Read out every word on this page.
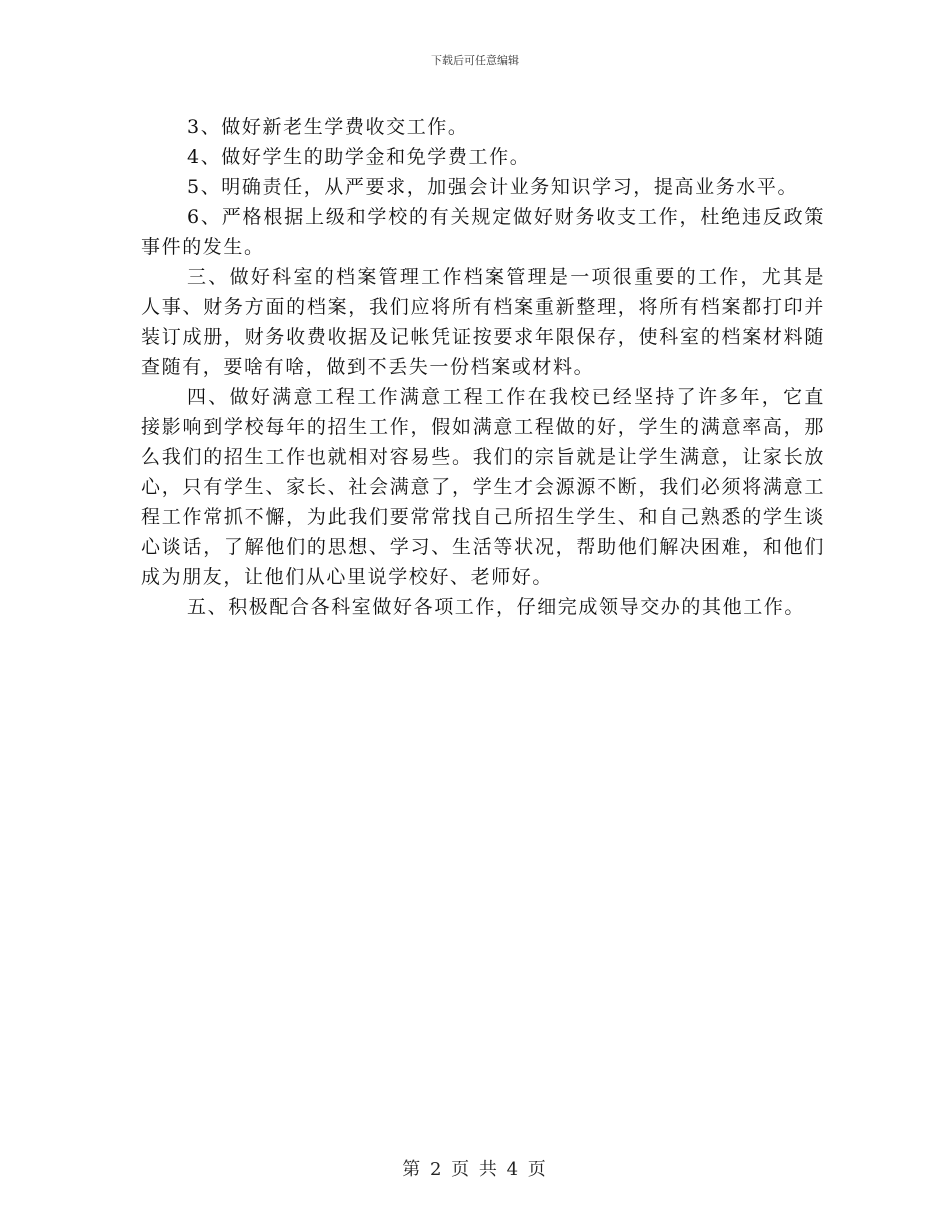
下载后可任意编辑

3、做好新老生学费收交工作。

4、做好学生的助学金和免学费工作。

5、明确责任，从严要求，加强会计业务知识学习，提高业务水平。

6、严格根据上级和学校的有关规定做好财务收支工作，杜绝违反政策事件的发生。

三、做好科室的档案管理工作档案管理是一项很重要的工作，尤其是人事、财务方面的档案，我们应将所有档案重新整理，将所有档案都打印并装订成册，财务收费收据及记帐凭证按要求年限保存，使科室的档案材料随查随有，要啥有啥，做到不丢失一份档案或材料。

四、做好满意工程工作满意工程工作在我校已经坚持了许多年，它直接影响到学校每年的招生工作，假如满意工程做的好，学生的满意率高，那么我们的招生工作也就相对容易些。我们的宗旨就是让学生满意，让家长放心，只有学生、家长、社会满意了，学生才会源源不断，我们必须将满意工程工作常抓不懈，为此我们要常常找自己所招生学生、和自己熟悉的学生谈心谈话，了解他们的思想、学习、生活等状况，帮助他们解决困难，和他们成为朋友，让他们从心里说学校好、老师好。

五、积极配合各科室做好各项工作，仔细完成领导交办的其他工作。

第 2 页 共 4 页
